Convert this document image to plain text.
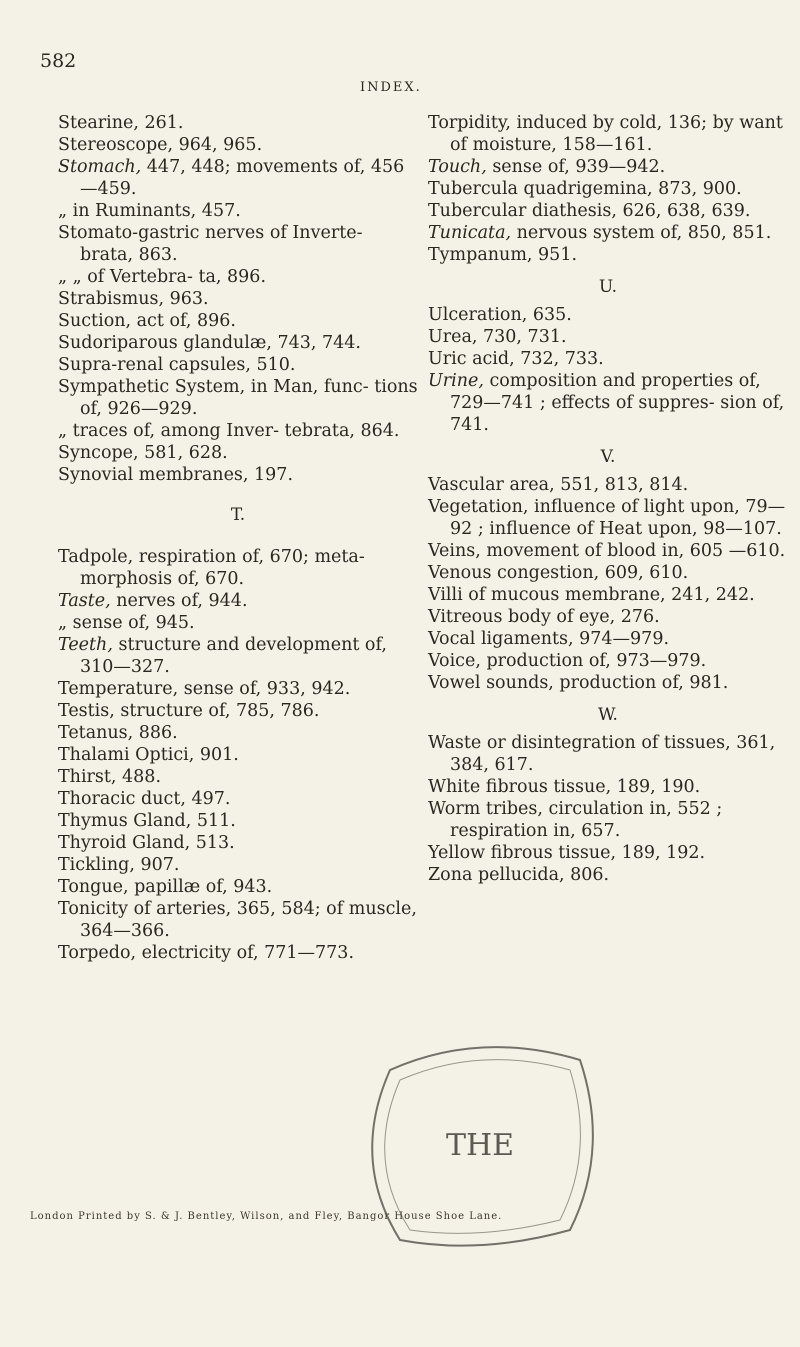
582
INDEX.

Stearine, 261.

Stereoscope, 964, 965.

Stomach, 447, 448; movements of, 456—459.

„ in Ruminants, 457.

Stomato-gastric nerves of Inverte- brata, 863.

„ „ of Vertebra- ta, 896.

Strabismus, 963.

Suction, act of, 896.

Sudoriparous glandulæ, 743, 744.

Supra-renal capsules, 510.

Sympathetic System, in Man, func- tions of, 926—929.

„ traces of, among Inver- tebrata, 864.

Syncope, 581, 628.

Synovial membranes, 197.

T.

Tadpole, respiration of, 670; meta- morphosis of, 670.

Taste, nerves of, 944.

„ sense of, 945.

Teeth, structure and development of, 310—327.

Temperature, sense of, 933, 942.

Testis, structure of, 785, 786.

Tetanus, 886.

Thalami Optici, 901.

Thirst, 488.

Thoracic duct, 497.

Thymus Gland, 511.

Thyroid Gland, 513.

Tickling, 907.

Tongue, papillæ of, 943.

Tonicity of arteries, 365, 584; of muscle, 364—366.

Torpedo, electricity of, 771—773.

Torpidity, induced by cold, 136; by want of moisture, 158—161.

Touch, sense of, 939—942.

Tubercula quadrigemina, 873, 900.

Tubercular diathesis, 626, 638, 639.

Tunicata, nervous system of, 850, 851.

Tympanum, 951.

U.

Ulceration, 635.

Urea, 730, 731.

Uric acid, 732, 733.

Urine, composition and properties of, 729—741 ; effects of suppres- sion of, 741.

V.

Vascular area, 551, 813, 814.

Vegetation, influence of light upon, 79—92 ; influence of Heat upon, 98—107.

Veins, movement of blood in, 605 —610.

Venous congestion, 609, 610.

Villi of mucous membrane, 241, 242.

Vitreous body of eye, 276.

Vocal ligaments, 974—979.

Voice, production of, 973—979.

Vowel sounds, production of, 981.

W.

Waste or disintegration of tissues, 361, 384, 617.

White fibrous tissue, 189, 190.

Worm tribes, circulation in, 552 ; respiration in, 657.

Yellow fibrous tissue, 189, 192.

Zona pellucida, 806.

THE
London Printed by S. & J. Bentley, Wilson, and Fley, Bangor House Shoe Lane.
